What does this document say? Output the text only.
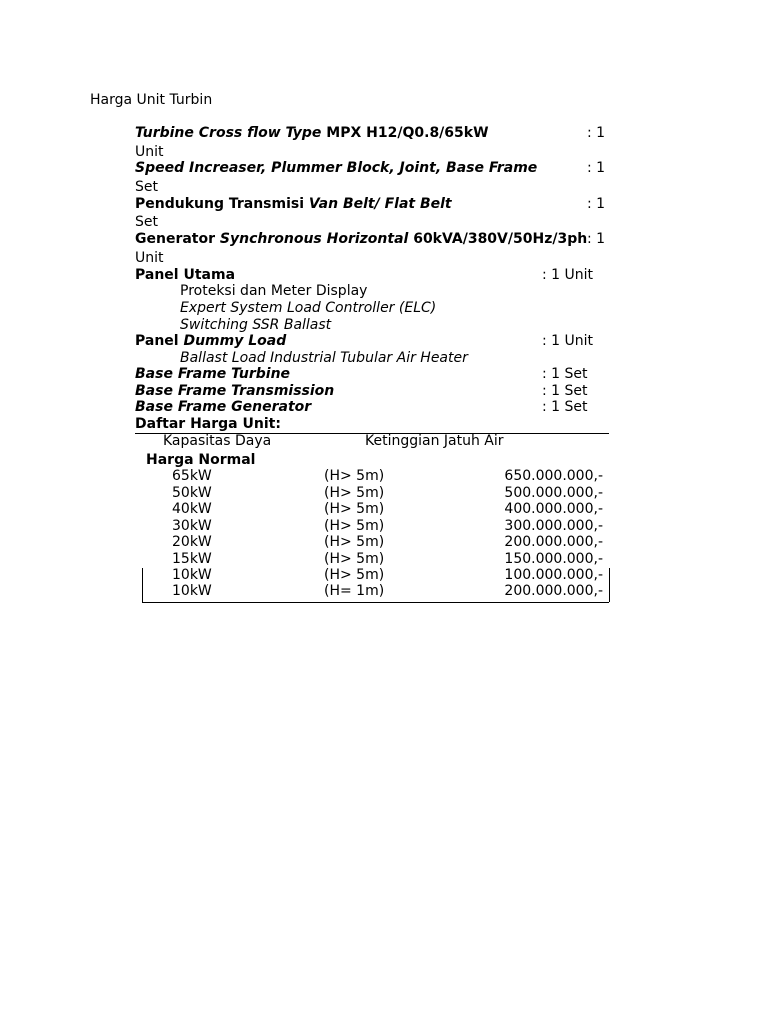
Harga Unit Turbin
Turbine Cross flow Type MPX H12/Q0.8/65kW	: 1
Unit
Speed Increaser, Plummer Block, Joint, Base Frame	: 1
Set
Pendukung Transmisi Van Belt/ Flat Belt	: 1
Set
Generator Synchronous Horizontal 60kVA/380V/50Hz/3ph : 1
Unit
Panel Utama	: 1 Unit
Proteksi dan Meter Display
Expert System Load Controller (ELC)
Switching SSR Ballast
Panel Dummy Load	: 1 Unit
Ballast Load Industrial Tubular Air Heater
Base Frame Turbine	: 1 Set
Base Frame Transmission	: 1 Set
Base Frame Generator	: 1 Set
Daftar Harga Unit:
Kapasitas Daya	Ketinggian Jatuh Air
Harga Normal
65kW	(H> 5m)	650.000.000,-
50kW	(H> 5m)	500.000.000,-
40kW	(H> 5m)	400.000.000,-
30kW	(H> 5m)	300.000.000,-
20kW	(H> 5m)	200.000.000,-
15kW	(H> 5m)	150.000.000,-
10kW	(H> 5m)	100.000.000,-
10kW	(H= 1m)	200.000.000,-
